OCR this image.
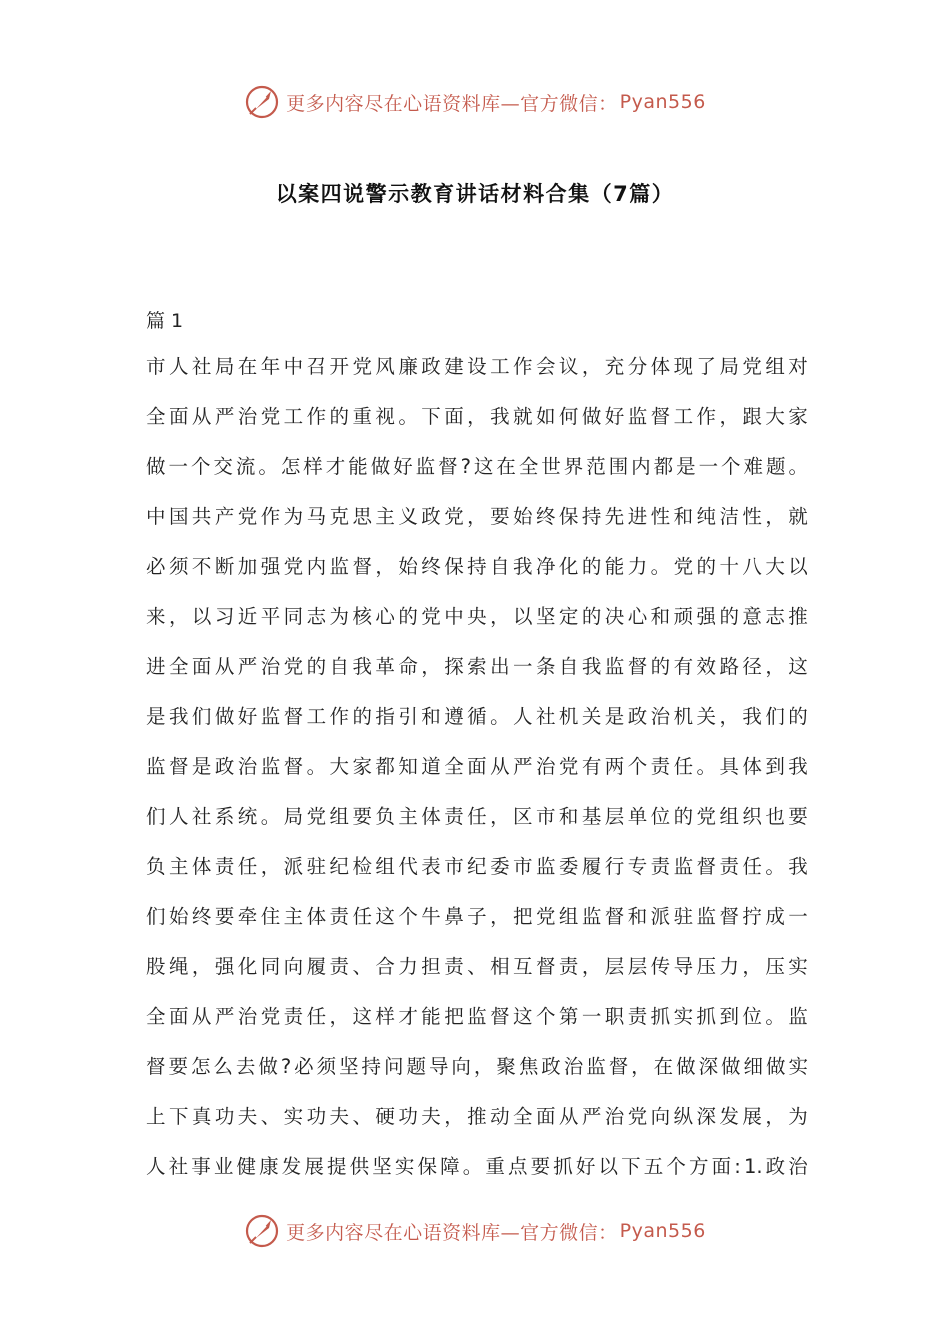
更多内容尽在心语资料库—官方微信： Pyan556
以案四说警示教育讲话材料合集（7篇）
篇 1
市 人 社 局 在 年 中 召 开 党 风 廉 政 建 设 工 作 会 议 ， 充 分 体 现 了 局 党 组 对
全 面 从 严 治 党 工 作 的 重 视 。 下 面 ， 我 就 如 何 做 好 监 督 工 作 ， 跟 大 家
做 一 个 交 流 。 怎 样 才 能 做 好 监 督 ? 这 在 全 世 界 范 围 内 都 是 一 个 难 题 。
中 国 共 产 党 作 为 马 克 思 主 义 政 党 ， 要 始 终 保 持 先 进 性 和 纯 洁 性 ， 就
必 须 不 断 加 强 党 内 监 督 ， 始 终 保 持 自 我 净 化 的 能 力 。 党 的 十 八 大 以
来 ， 以 习 近 平 同 志 为 核 心 的 党 中 央 ， 以 坚 定 的 决 心 和 顽 强 的 意 志 推
进 全 面 从 严 治 党 的 自 我 革 命 ， 探 索 出 一 条 自 我 监 督 的 有 效 路 径 ， 这
是 我 们 做 好 监 督 工 作 的 指 引 和 遵 循 。 人 社 机 关 是 政 治 机 关 ， 我 们 的
监 督 是 政 治 监 督 。 大 家 都 知 道 全 面 从 严 治 党 有 两 个 责 任 。 具 体 到 我
们 人 社 系 统 。 局 党 组 要 负 主 体 责 任 ， 区 市 和 基 层 单 位 的 党 组 织 也 要
负 主 体 责 任 ， 派 驻 纪 检 组 代 表 市 纪 委 市 监 委 履 行 专 责 监 督 责 任 。 我
们 始 终 要 牵 住 主 体 责 任 这 个 牛 鼻 子 ， 把 党 组 监 督 和 派 驻 监 督 拧 成 一
股 绳 ， 强 化 同 向 履 责 、 合 力 担 责 、 相 互 督 责 ， 层 层 传 导 压 力 ， 压 实
全 面 从 严 治 党 责 任 ， 这 样 才 能 把 监 督 这 个 第 一 职 责 抓 实 抓 到 位 。 监
督 要 怎 么 去 做 ? 必 须 坚 持 问 题 导 向 ， 聚 焦 政 治 监 督 ， 在 做 深 做 细 做 实
上 下 真 功 夫 、 实 功 夫 、 硬 功 夫 ， 推 动 全 面 从 严 治 党 向 纵 深 发 展 ， 为
人 社 事 业 健 康 发 展 提 供 坚 实 保 障 。 重 点 要 抓 好 以 下 五 个 方 面 : 1. 政 治
更多内容尽在心语资料库—官方微信： Pyan556
